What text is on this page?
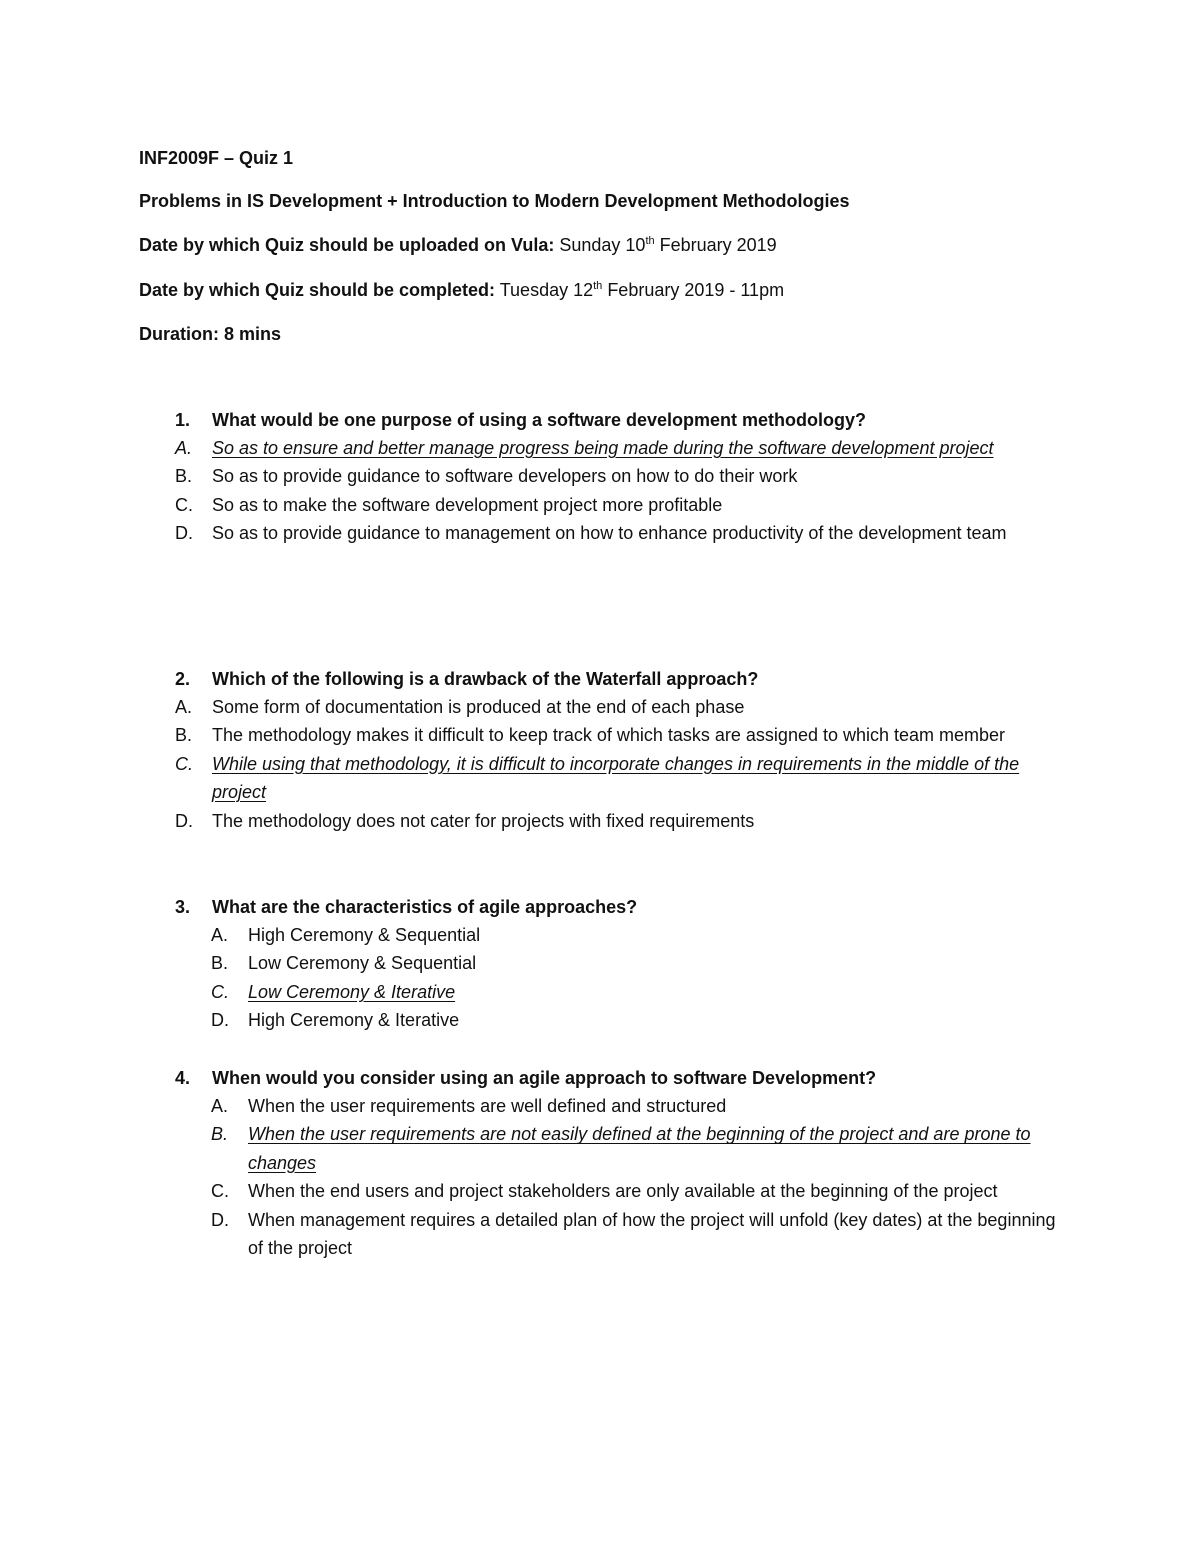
INF2009F – Quiz 1
Problems in IS Development + Introduction to Modern Development Methodologies
Date by which Quiz should be uploaded on Vula: Sunday 10th February 2019
Date by which Quiz should be completed: Tuesday 12th February 2019 - 11pm
Duration: 8 mins
1.	What would be one purpose of using a software development methodology?
A.	So as to ensure and better manage progress being made during the software development project
B.	So as to provide guidance to software developers on how to do their work
C.	So as to make the software development project more profitable
D.	So as to provide guidance to management on how to enhance productivity of the development team
2.	Which of the following is a drawback of the Waterfall approach?
A.	Some form of documentation is produced at the end of each phase
B.	The methodology makes it difficult to keep track of which tasks are assigned to which team member
C.	While using that methodology, it is difficult to incorporate changes in requirements in the middle of the project
D.	The methodology does not cater for projects with fixed requirements
3.	What are the characteristics of agile approaches?
A.	High Ceremony & Sequential
B.	Low Ceremony & Sequential
C.	Low Ceremony & Iterative
D.	High Ceremony & Iterative
4.	When would you consider using an agile approach to software Development?
A.	When the user requirements are well defined and structured
B.	When the user requirements are not easily defined at the beginning of the project and are prone to changes
C.	When the end users and project stakeholders are only available at the beginning of the project
D.	When management requires a detailed plan of how the project will unfold (key dates) at the beginning of the project
